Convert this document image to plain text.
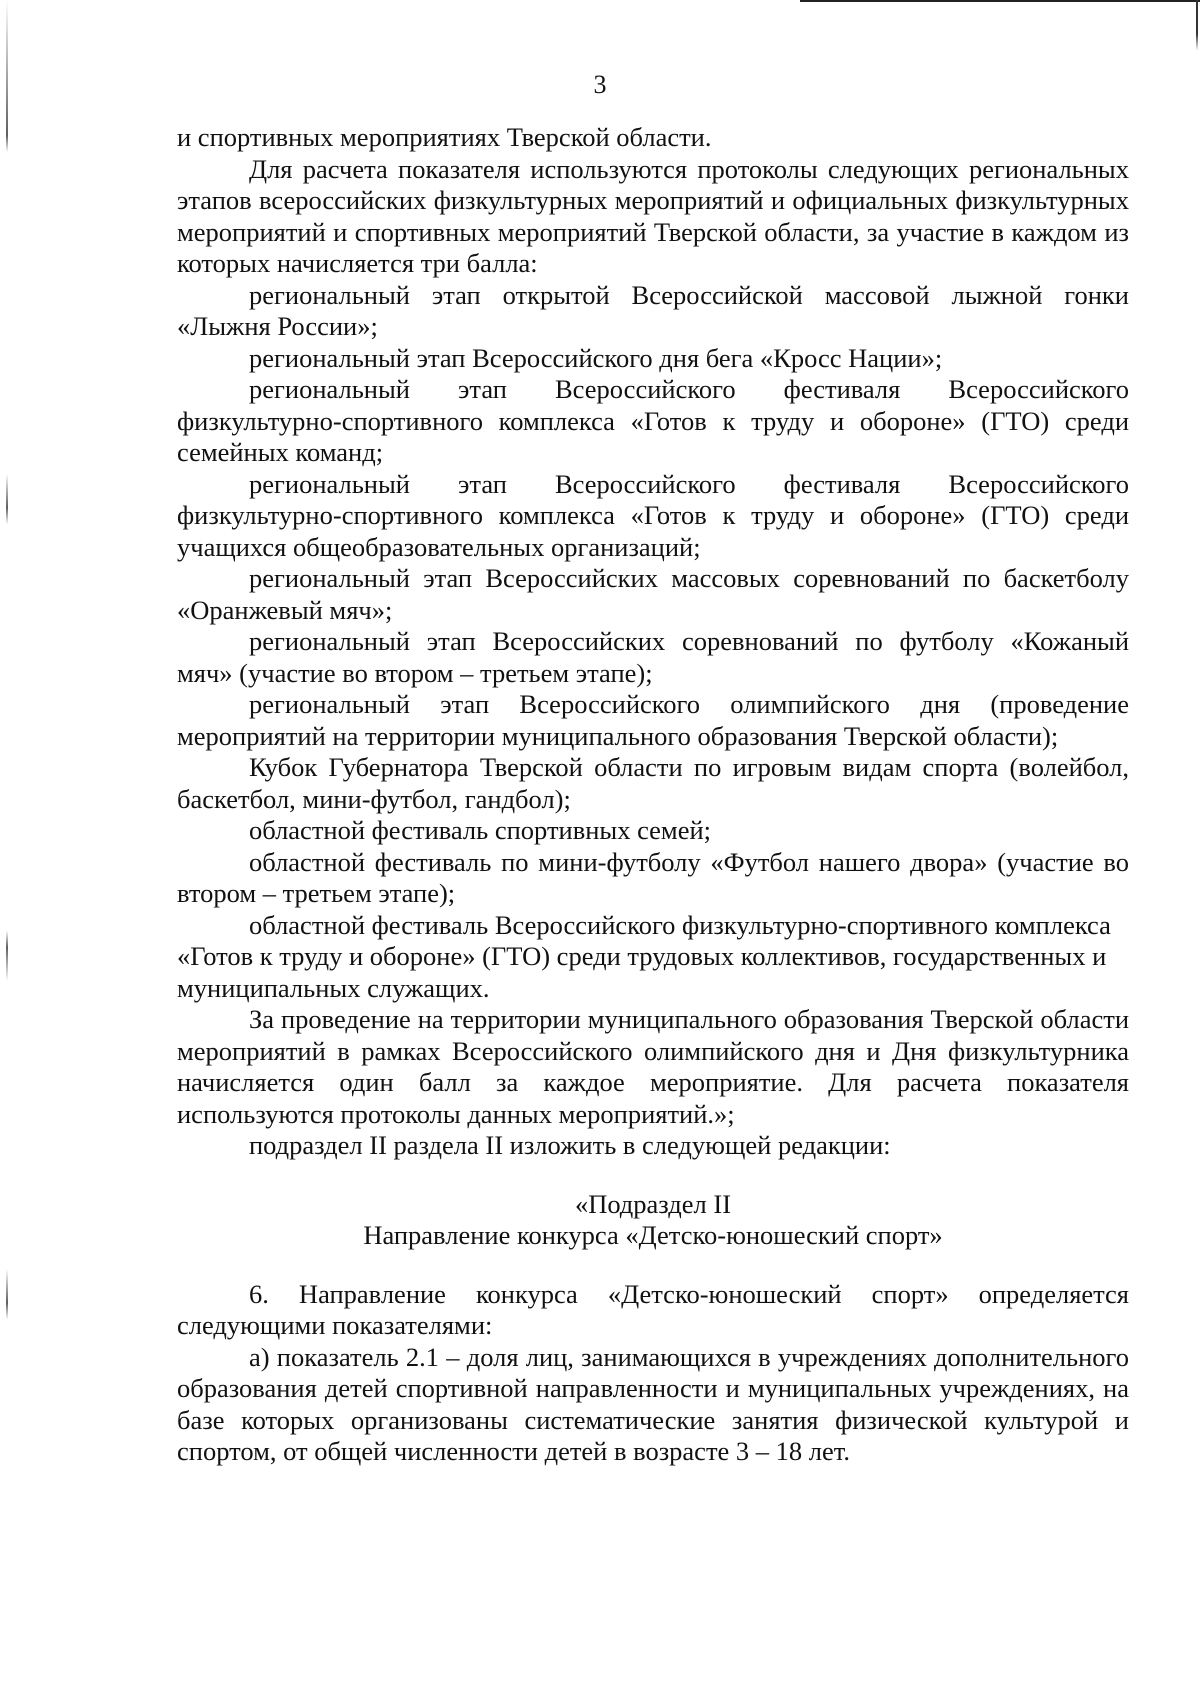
3

и спортивных мероприятиях Тверской области.

Для расчета показателя используются протоколы следующих региональных этапов всероссийских физкультурных мероприятий и официальных физкультурных мероприятий и спортивных мероприятий Тверской области, за участие в каждом из которых начисляется три балла:

региональный этап открытой Всероссийской массовой лыжной гонки «Лыжня России»;

региональный этап Всероссийского дня бега «Кросс Нации»;

региональный этап Всероссийского фестиваля Всероссийского физкультурно-спортивного комплекса «Готов к труду и обороне» (ГТО) среди семейных команд;

региональный этап Всероссийского фестиваля Всероссийского физкультурно-спортивного комплекса «Готов к труду и обороне» (ГТО) среди учащихся общеобразовательных организаций;

региональный этап Всероссийских массовых соревнований по баскетболу «Оранжевый мяч»;

региональный этап Всероссийских соревнований по футболу «Кожаный мяч» (участие во втором – третьем этапе);

региональный этап Всероссийского олимпийского дня (проведение мероприятий на территории муниципального образования Тверской области);

Кубок Губернатора Тверской области по игровым видам спорта (волейбол, баскетбол, мини-футбол, гандбол);

областной фестиваль спортивных семей;

областной фестиваль по мини-футболу «Футбол нашего двора» (участие во втором – третьем этапе);

областной фестиваль Всероссийского физкультурно-спортивного комплекса «Готов к труду и обороне» (ГТО) среди трудовых коллективов, государственных и муниципальных служащих.

За проведение на территории муниципального образования Тверской области мероприятий в рамках Всероссийского олимпийского дня и Дня физкультурника начисляется один балл за каждое мероприятие. Для расчета показателя используются протоколы данных мероприятий.»;

подраздел II раздела II изложить в следующей редакции:

«Подраздел II

Направление конкурса «Детско-юношеский спорт»

6. Направление конкурса «Детско-юношеский спорт» определяется следующими показателями:

а) показатель 2.1 – доля лиц, занимающихся в учреждениях дополнительного образования детей спортивной направленности и муниципальных учреждениях, на базе которых организованы систематические занятия физической культурой и спортом, от общей численности детей в возрасте 3 – 18 лет.
